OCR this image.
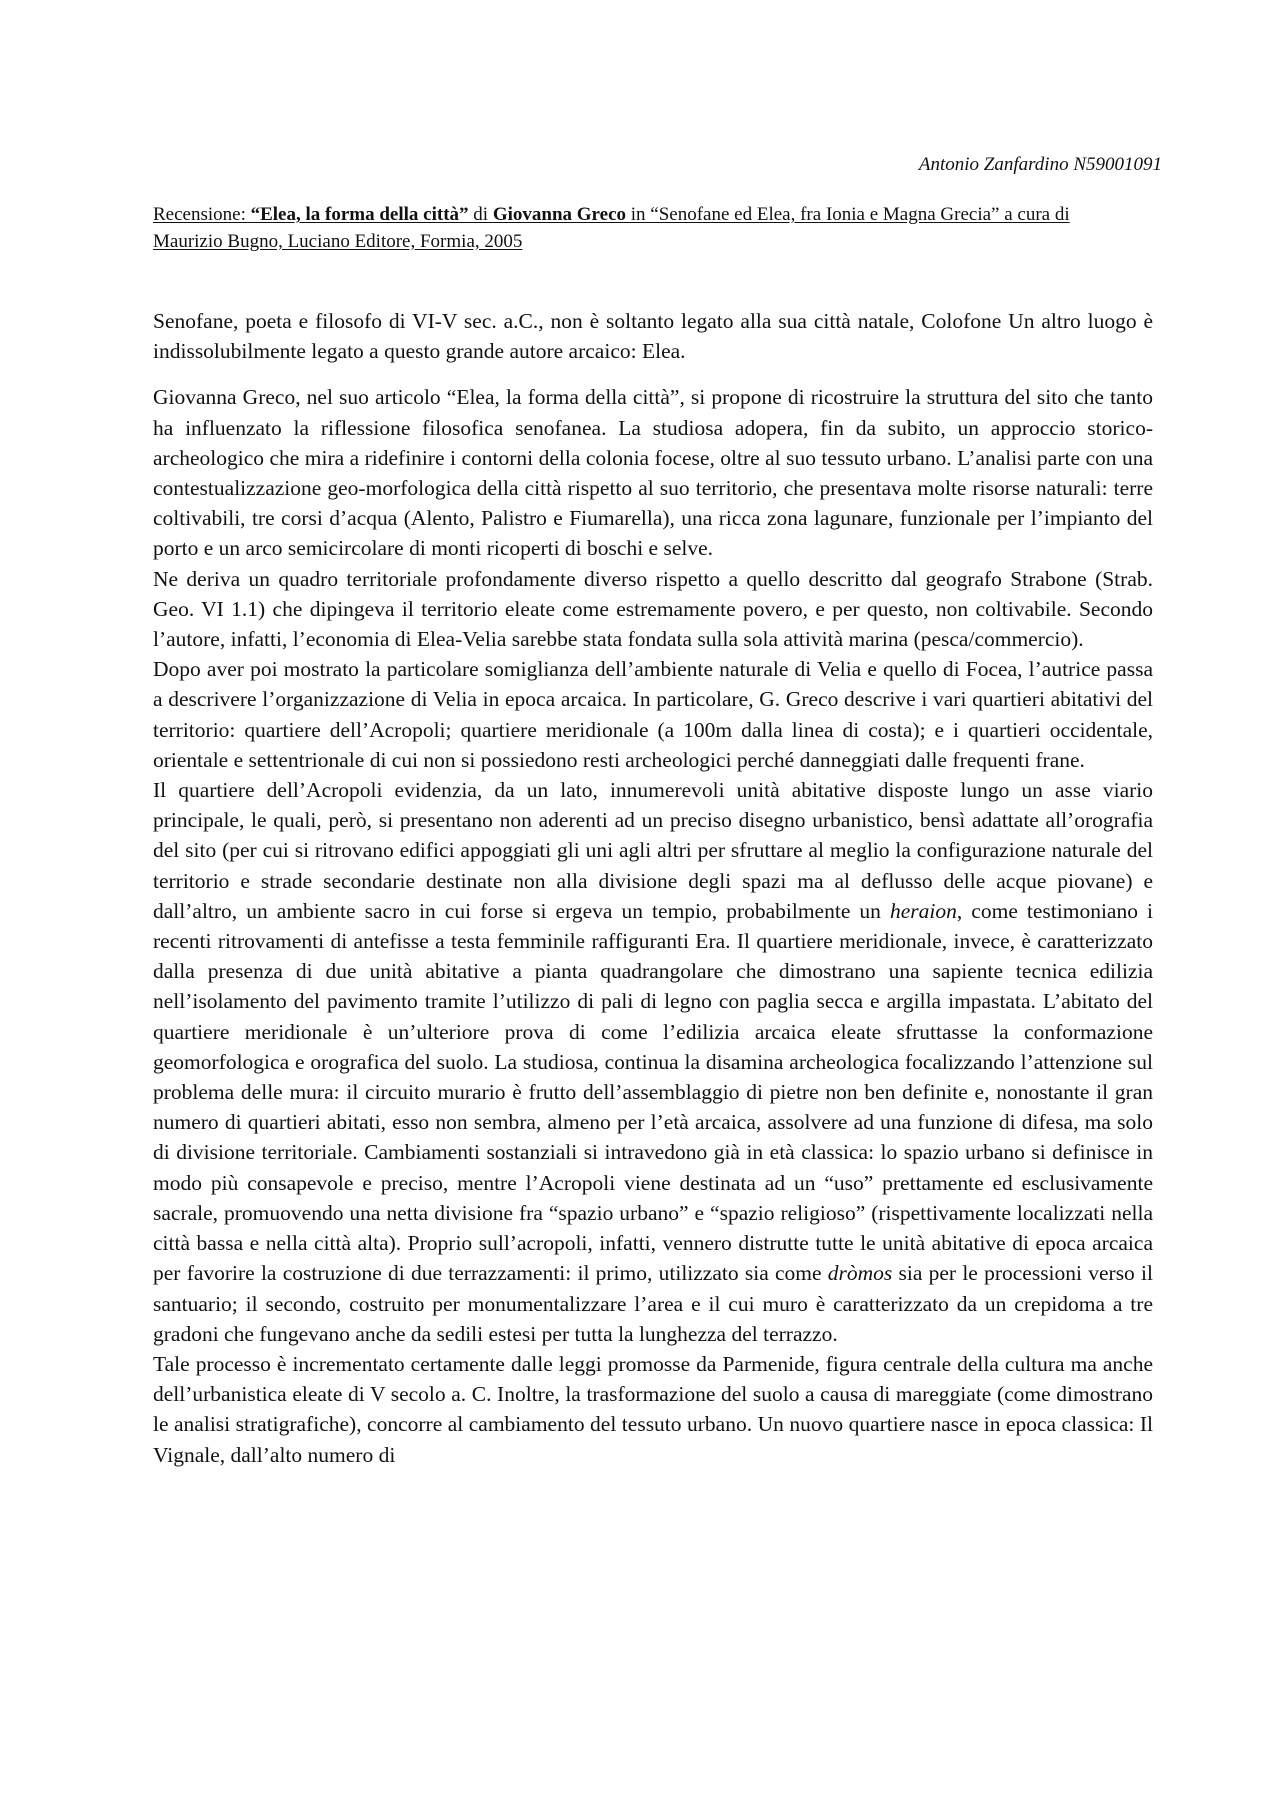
Antonio Zanfardino N59001091
Recensione: “Elea, la forma della città” di Giovanna Greco in “Senofane ed Elea, fra Ionia e Magna Grecia” a cura di Maurizio Bugno, Luciano Editore, Formia, 2005

Senofane, poeta e filosofo di VI-V sec. a.C., non è soltanto legato alla sua città natale, Colofone Un altro luogo è indissolubilmente legato a questo grande autore arcaico: Elea.

Giovanna Greco, nel suo articolo “Elea, la forma della città”, si propone di ricostruire la struttura del sito che tanto ha influenzato la riflessione filosofica senofanea. La studiosa adopera, fin da subito, un approccio storico-archeologico che mira a ridefinire i contorni della colonia focese, oltre al suo tessuto urbano. L’analisi parte con una contestualizzazione geo-morfologica della città rispetto al suo territorio, che presentava molte risorse naturali: terre coltivabili, tre corsi d’acqua (Alento, Palistro e Fiumarella), una ricca zona lagunare, funzionale per l’impianto del porto e un arco semicircolare di monti ricoperti di boschi e selve.

Ne deriva un quadro territoriale profondamente diverso rispetto a quello descritto dal geografo Strabone (Strab. Geo. VI 1.1) che dipingeva il territorio eleate come estremamente povero, e per questo, non coltivabile. Secondo l’autore, infatti, l’economia di Elea-Velia sarebbe stata fondata sulla sola attività marina (pesca/commercio).

Dopo aver poi mostrato la particolare somiglianza dell’ambiente naturale di Velia e quello di Focea, l’autrice passa a descrivere l’organizzazione di Velia in epoca arcaica. In particolare, G. Greco descrive i vari quartieri abitativi del territorio: quartiere dell’Acropoli; quartiere meridionale (a 100m dalla linea di costa); e i quartieri occidentale, orientale e settentrionale di cui non si possiedono resti archeologici perché danneggiati dalle frequenti frane.

Il quartiere dell’Acropoli evidenzia, da un lato, innumerevoli unità abitative disposte lungo un asse viario principale, le quali, però, si presentano non aderenti ad un preciso disegno urbanistico, bensì adattate all’orografia del sito (per cui si ritrovano edifici appoggiati gli uni agli altri per sfruttare al meglio la configurazione naturale del territorio e strade secondarie destinate non alla divisione degli spazi ma al deflusso delle acque piovane) e dall’altro, un ambiente sacro in cui forse si ergeva un tempio, probabilmente un heraion, come testimoniano i recenti ritrovamenti di antefisse a testa femminile raffiguranti Era. Il quartiere meridionale, invece, è caratterizzato dalla presenza di due unità abitative a pianta quadrangolare che dimostrano una sapiente tecnica edilizia nell’isolamento del pavimento tramite l’utilizzo di pali di legno con paglia secca e argilla impastata. L’abitato del quartiere meridionale è un’ulteriore prova di come l’edilizia arcaica eleate sfruttasse la conformazione geomorfologica e orografica del suolo. La studiosa, continua la disamina archeologica focalizzando l’attenzione sul problema delle mura: il circuito murario è frutto dell’assemblaggio di pietre non ben definite e, nonostante il gran numero di quartieri abitati, esso non sembra, almeno per l’età arcaica, assolvere ad una funzione di difesa, ma solo di divisione territoriale. Cambiamenti sostanziali si intravedono già in età classica: lo spazio urbano si definisce in modo più consapevole e preciso, mentre l’Acropoli viene destinata ad un “uso” prettamente ed esclusivamente sacrale, promuovendo una netta divisione fra “spazio urbano” e “spazio religioso” (rispettivamente localizzati nella città bassa e nella città alta). Proprio sull’acropoli, infatti, vennero distrutte tutte le unità abitative di epoca arcaica per favorire la costruzione di due terrazzamenti: il primo, utilizzato sia come dròmos sia per le processioni verso il santuario; il secondo, costruito per monumentalizzare l’area e il cui muro è caratterizzato da un crepidoma a tre gradoni che fungevano anche da sedili estesi per tutta la lunghezza del terrazzo.

Tale processo è incrementato certamente dalle leggi promosse da Parmenide, figura centrale della cultura ma anche dell’urbanistica eleate di V secolo a. C. Inoltre, la trasformazione del suolo a causa di mareggiate (come dimostrano le analisi stratigrafiche), concorre al cambiamento del tessuto urbano. Un nuovo quartiere nasce in epoca classica: Il Vignale, dall’alto numero di
